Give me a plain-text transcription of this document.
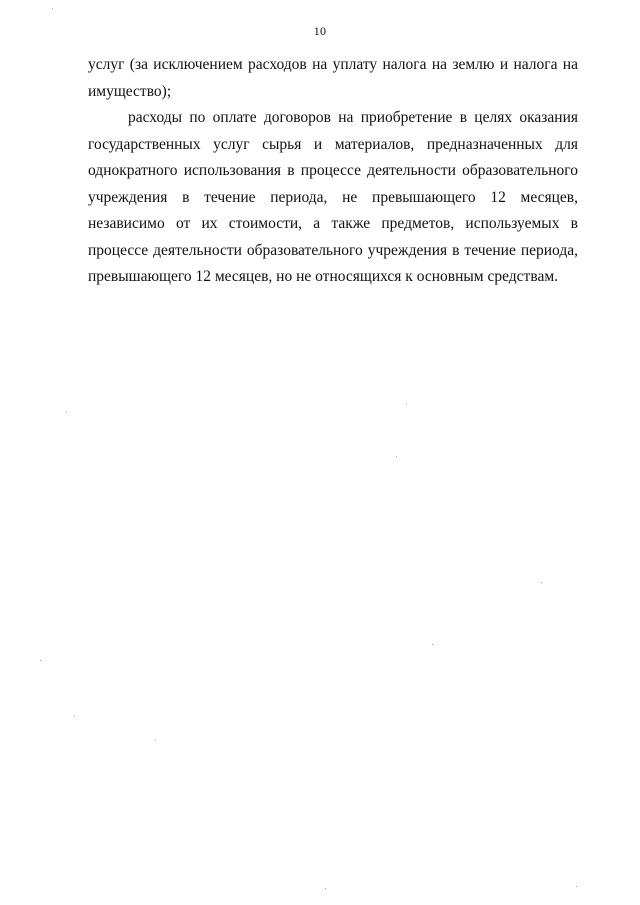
10

услуг (за исключением расходов на уплату налога на землю и налога на имущество);

расходы по оплате договоров на приобретение в целях оказания государственных услуг сырья и материалов, предназначенных для однократного использования в процессе деятельности образовательного учреждения в течение периода, не превышающего 12 месяцев, независимо от их стоимости, а также предметов, используемых в процессе деятельности образовательного учреждения в течение периода, превышающего 12 месяцев, но не относящихся к основным средствам.
